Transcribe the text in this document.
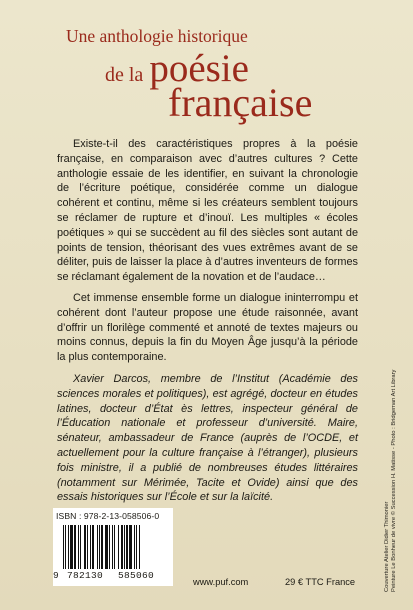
Une anthologie historique
de la poésie
française

Existe-t-il des caractéristiques propres à la poésie française, en comparaison avec d’autres cultures ? Cette anthologie essaie de les identifier, en suivant la chronologie de l’écriture poétique, considérée comme un dialogue cohérent et continu, même si les créateurs semblent toujours se réclamer de rupture et d’inouï. Les multiples « écoles poétiques » qui se succèdent au fil des siècles sont autant de points de tension, théorisant des vues extrêmes avant de se déliter, puis de laisser la place à d’autres inventeurs de formes se réclamant également de la novation et de l’audace…

Cet immense ensemble forme un dialogue ininterrompu et cohérent dont l’auteur propose une étude raisonnée, avant d’offrir un florilège commenté et annoté de textes majeurs ou moins connus, depuis la fin du Moyen Âge jusqu’à la période la plus contemporaine.

Xavier Darcos, membre de l’Institut (Académie des sciences morales et politiques), est agrégé, docteur en études latines, docteur d’État ès lettres, inspecteur général de l’Éducation nationale et professeur d’université. Maire, sénateur, ambassadeur de France (auprès de l’OCDE, et actuellement pour la culture française à l’étranger), plusieurs fois ministre, il a publié de nombreuses études littéraires (notamment sur Mérimée, Tacite et Ovide) ainsi que des essais historiques sur l’École et sur la laïcité.

ISBN : 978-2-13-058506-0
9 782130 585060
www.puf.com	29 € TTC France	Couverture Atelier Didier Thimonier Peinture Le Bonheur de vivre © Succession H. Matisse - Photo : Bridgeman Art Library
